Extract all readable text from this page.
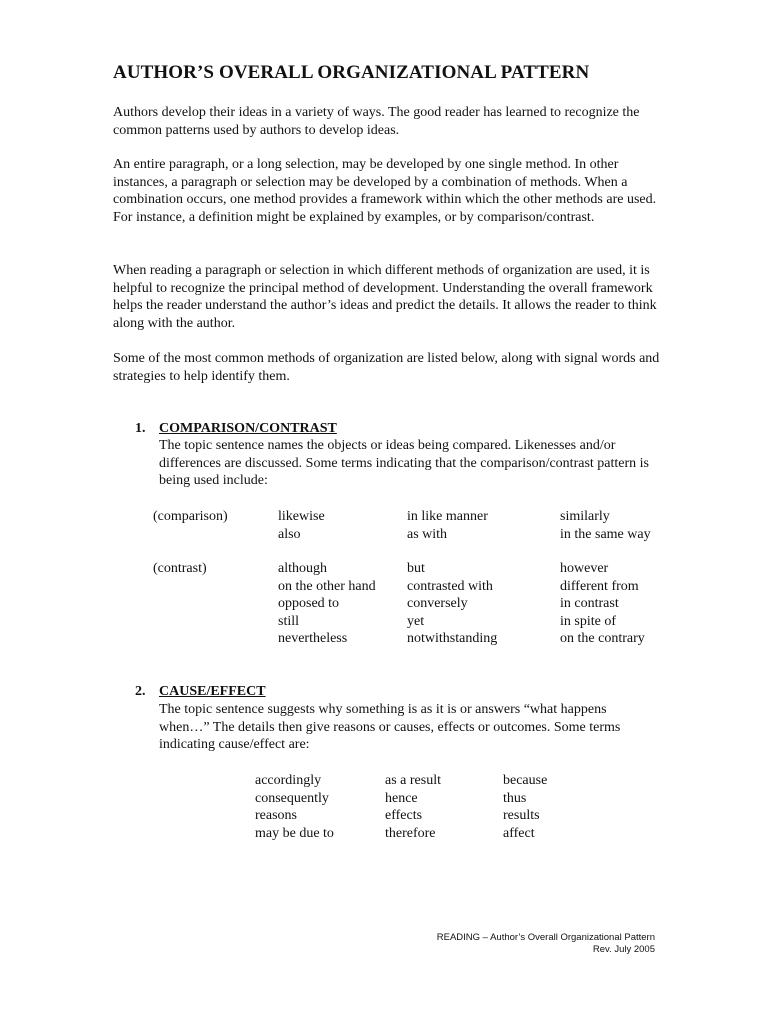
AUTHOR’S OVERALL ORGANIZATIONAL PATTERN

Authors develop their ideas in a variety of ways. The good reader has learned to recognize the common patterns used by authors to develop ideas.

An entire paragraph, or a long selection, may be developed by one single method. In other instances, a paragraph or selection may be developed by a combination of methods. When a combination occurs, one method provides a framework within which the other methods are used. For instance, a definition might be explained by examples, or by comparison/contrast.

When reading a paragraph or selection in which different methods of organization are used, it is helpful to recognize the principal method of development. Understanding the overall framework helps the reader understand the author’s ideas and predict the details. It allows the reader to think along with the author.

Some of the most common methods of organization are listed below, along with signal words and strategies to help identify them.

1. COMPARISON/CONTRAST

The topic sentence names the objects or ideas being compared. Likenesses and/or differences are discussed. Some terms indicating that the comparison/contrast pattern is being used include:

(comparison)	likewise
also
in like manner
as with
similarly
in the same way
(contrast)	although
on the other hand
opposed to
still
nevertheless
but
contrasted with
conversely
yet
notwithstanding
however
different from
in contrast
in spite of
on the contrary
2. CAUSE/EFFECT

The topic sentence suggests why something is as it is or answers “what happens when…” The details then give reasons or causes, effects or outcomes. Some terms indicating cause/effect are:

accordingly
consequently
reasons
may be due to
as a result
hence
effects
therefore
because
thus
results
affect
READING – Author’s Overall Organizational Pattern
Rev. July 2005
